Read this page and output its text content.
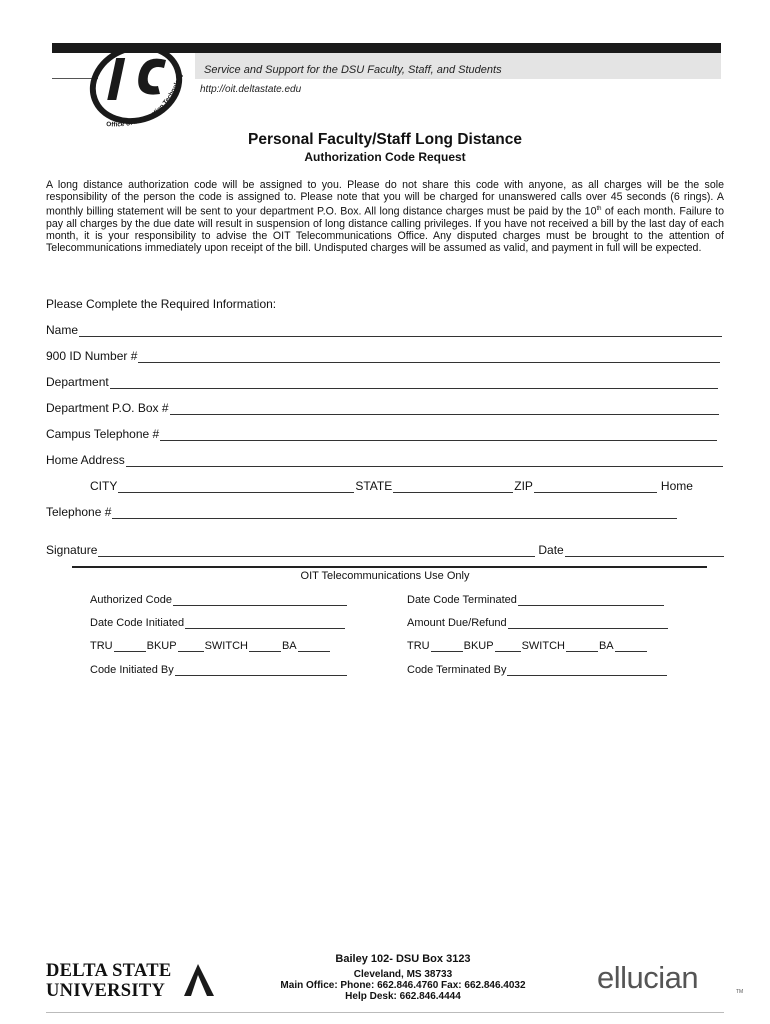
Office of Information Technology Service and Support for the DSU Faculty, Staff, and Students
http://oit.deltastate.edu
Personal Faculty/Staff Long Distance
Authorization Code Request
A long distance authorization code will be assigned to you. Please do not share this code with anyone, as all charges will be the sole responsibility of the person the code is assigned to. Please note that you will be charged for unanswered calls over 45 seconds (6 rings). A monthly billing statement will be sent to your department P.O. Box. All long distance charges must be paid by the 10th of each month. Failure to pay all charges by the due date will result in suspension of long distance calling privileges. If you have not received a bill by the last day of each month, it is your responsibility to advise the OIT Telecommunications Office. Any disputed charges must be brought to the attention of Telecommunications immediately upon receipt of the bill. Undisputed charges will be assumed as valid, and payment in full will be expected.
Please Complete the Required Information:
Name
900 ID Number #
Department
Department P.O. Box #
Campus Telephone #
Home Address
CITY	STATE	ZIP	Home
Telephone #
Signature	Date
OIT Telecommunications Use Only
Authorized Code	Date Code Terminated
Date Code Initiated	Amount Due/Refund
TRU	BKUP	SWITCH	BA	TRU	BKUP	SWITCH	BA
Code Initiated By	Code Terminated By
DELTA STATE
UNIVERSITY
Bailey 102- DSU Box 3123
Cleveland, MS 38733
Main Office: Phone: 662.846.4760 Fax: 662.846.4032
Help Desk: 662.846.4444
ellucian	TM
